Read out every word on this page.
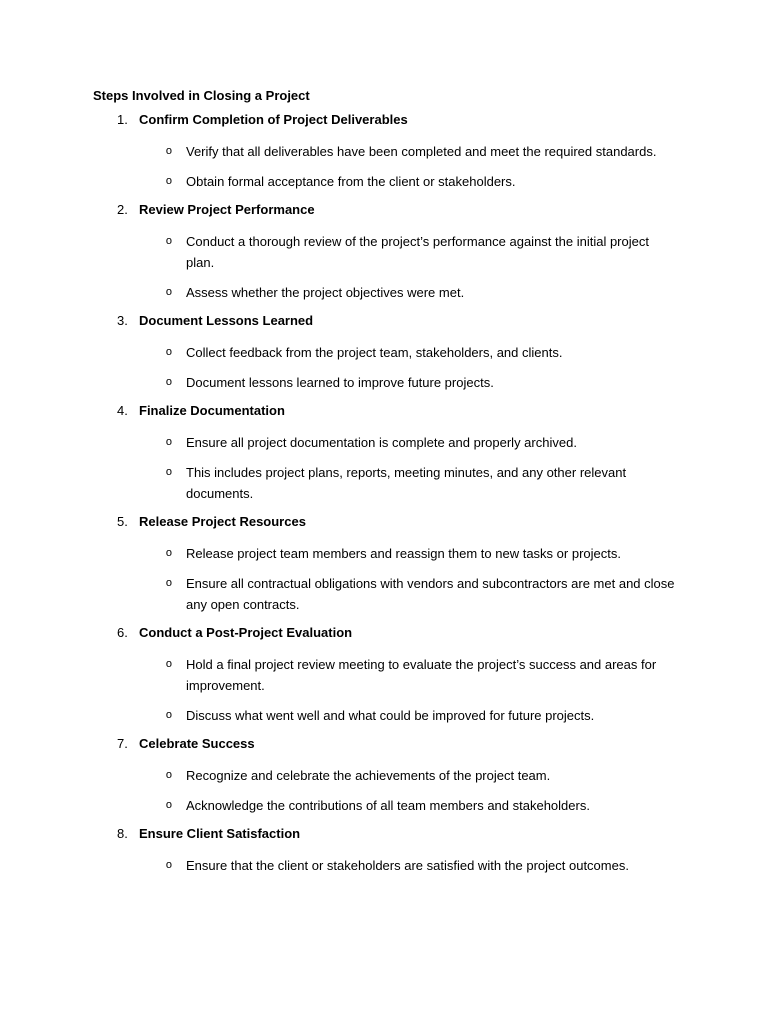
Steps Involved in Closing a Project
1. Confirm Completion of Project Deliverables
o	Verify that all deliverables have been completed and meet the required standards.
o	Obtain formal acceptance from the client or stakeholders.
2. Review Project Performance
o	Conduct a thorough review of the project’s performance against the initial project plan.
o	Assess whether the project objectives were met.
3. Document Lessons Learned
o	Collect feedback from the project team, stakeholders, and clients.
o	Document lessons learned to improve future projects.
4. Finalize Documentation
o	Ensure all project documentation is complete and properly archived.
o	This includes project plans, reports, meeting minutes, and any other relevant documents.
5. Release Project Resources
o	Release project team members and reassign them to new tasks or projects.
o	Ensure all contractual obligations with vendors and subcontractors are met and close any open contracts.
6. Conduct a Post-Project Evaluation
o	Hold a final project review meeting to evaluate the project’s success and areas for improvement.
o	Discuss what went well and what could be improved for future projects.
7. Celebrate Success
o	Recognize and celebrate the achievements of the project team.
o	Acknowledge the contributions of all team members and stakeholders.
8. Ensure Client Satisfaction
o	Ensure that the client or stakeholders are satisfied with the project outcomes.
